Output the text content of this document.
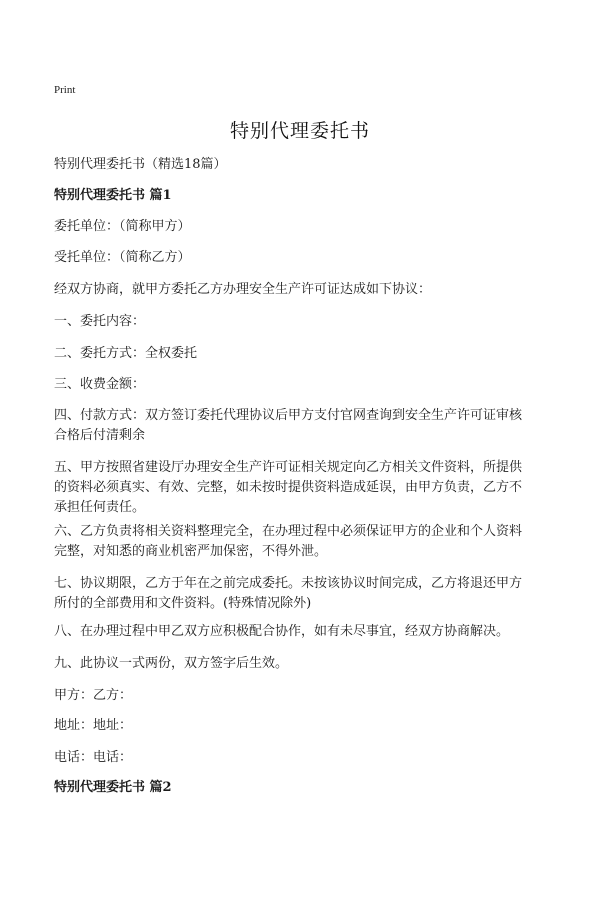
Print
特别代理委托书
特别代理委托书（精选18篇）
特别代理委托书 篇1
委托单位：（简称甲方）
受托单位：（简称乙方）
经双方协商，就甲方委托乙方办理安全生产许可证达成如下协议：
一、委托内容：
二、委托方式：全权委托
三、收费金额：
四、付款方式：双方签订委托代理协议后甲方支付官网查询到安全生产许可证审核
合格后付清剩余
五、甲方按照省建设厅办理安全生产许可证相关规定向乙方相关文件资料，所提供
的资料必须真实、有效、完整，如未按时提供资料造成延误，由甲方负责，乙方不
承担任何责任。
六、乙方负责将相关资料整理完全，在办理过程中必须保证甲方的企业和个人资料
完整，对知悉的商业机密严加保密，不得外泄。
七、协议期限，乙方于年在之前完成委托。未按该协议时间完成，乙方将退还甲方
所付的全部费用和文件资料。(特殊情况除外)
八、在办理过程中甲乙双方应积极配合协作，如有未尽事宜，经双方协商解决。
九、此协议一式两份，双方签字后生效。
甲方：乙方：
地址：地址：
电话：电话：
特别代理委托书 篇2
